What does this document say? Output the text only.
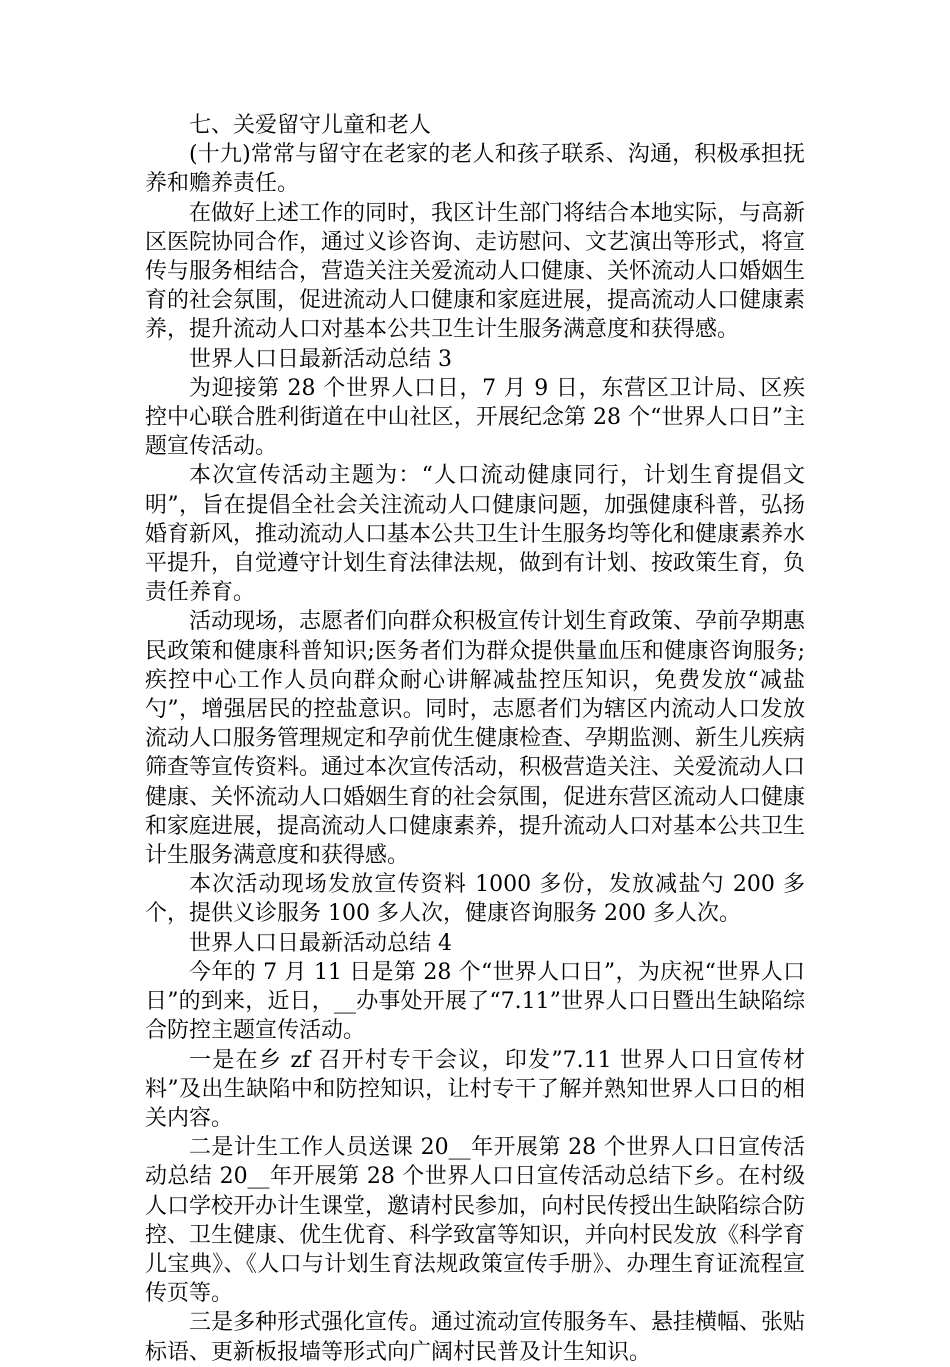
七、关爱留守儿童和老人

(十九)常常与留守在老家的老人和孩子联系、沟通，积极承担抚养和赡养责任。

在做好上述工作的同时，我区计生部门将结合本地实际，与高新区医院协同合作，通过义诊咨询、走访慰问、文艺演出等形式，将宣传与服务相结合，营造关注关爱流动人口健康、关怀流动人口婚姻生育的社会氛围，促进流动人口健康和家庭进展，提高流动人口健康素养，提升流动人口对基本公共卫生计生服务满意度和获得感。

世界人口日最新活动总结 3

为迎接第 28 个世界人口日，7 月 9 日，东营区卫计局、区疾控中心联合胜利街道在中山社区，开展纪念第 28 个“世界人口日”主题宣传活动。

本次宣传活动主题为：“人口流动健康同行，计划生育提倡文明”，旨在提倡全社会关注流动人口健康问题，加强健康科普，弘扬婚育新风，推动流动人口基本公共卫生计生服务均等化和健康素养水平提升，自觉遵守计划生育法律法规，做到有计划、按政策生育，负责任养育。

活动现场，志愿者们向群众积极宣传计划生育政策、孕前孕期惠民政策和健康科普知识;医务者们为群众提供量血压和健康咨询服务;疾控中心工作人员向群众耐心讲解减盐控压知识，免费发放“减盐勺”，增强居民的控盐意识。同时，志愿者们为辖区内流动人口发放流动人口服务管理规定和孕前优生健康检查、孕期监测、新生儿疾病筛查等宣传资料。通过本次宣传活动，积极营造关注、关爱流动人口健康、关怀流动人口婚姻生育的社会氛围，促进东营区流动人口健康和家庭进展，提高流动人口健康素养，提升流动人口对基本公共卫生计生服务满意度和获得感。

本次活动现场发放宣传资料 1000 多份，发放减盐勺 200 多个，提供义诊服务 100 多人次，健康咨询服务 200 多人次。

世界人口日最新活动总结 4

今年的 7 月 11 日是第 28 个“世界人口日”，为庆祝“世界人口日”的到来，近日，__办事处开展了“7.11”世界人口日暨出生缺陷综合防控主题宣传活动。

一是在乡 zf 召开村专干会议，印发”7.11 世界人口日宣传材料”及出生缺陷中和防控知识，让村专干了解并熟知世界人口日的相关内容。

二是计生工作人员送课 20__年开展第 28 个世界人口日宣传活动总结 20__年开展第 28 个世界人口日宣传活动总结下乡。在村级人口学校开办计生课堂，邀请村民参加，向村民传授出生缺陷综合防控、卫生健康、优生优育、科学致富等知识，并向村民发放《科学育儿宝典》、《人口与计划生育法规政策宣传手册》、办理生育证流程宣传页等。

三是多种形式强化宣传。通过流动宣传服务车、悬挂横幅、张贴标语、更新板报墙等形式向广阔村民普及计生知识。
